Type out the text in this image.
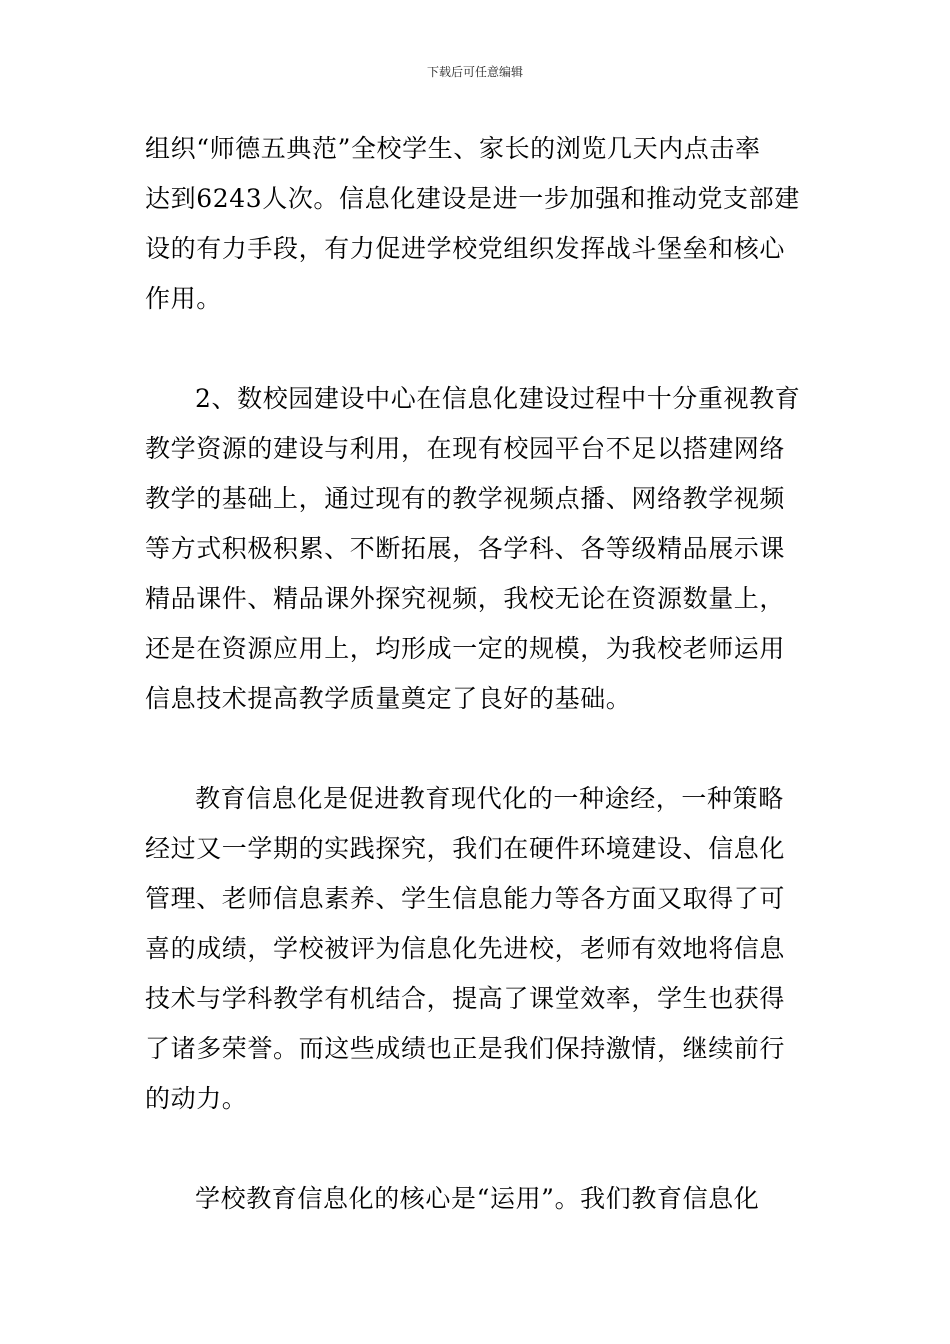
下载后可任意编辑
组织“师德五典范”全校学生、家长的浏览几天内点击率
达到6243人次。信息化建设是进一步加强和推动党支部建
设的有力手段，有力促进学校党组织发挥战斗堡垒和核心
作用。
2、数校园建设中心在信息化建设过程中十分重视教育
教学资源的建设与利用，在现有校园平台不足以搭建网络
教学的基础上，通过现有的教学视频点播、网络教学视频
等方式积极积累、不断拓展，各学科、各等级精品展示课
精品课件、精品课外探究视频，我校无论在资源数量上，
还是在资源应用上，均形成一定的规模，为我校老师运用
信息技术提高教学质量奠定了良好的基础。
教育信息化是促进教育现代化的一种途经，一种策略
经过又一学期的实践探究，我们在硬件环境建设、信息化
管理、老师信息素养、学生信息能力等各方面又取得了可
喜的成绩，学校被评为信息化先进校，老师有效地将信息
技术与学科教学有机结合，提高了课堂效率，学生也获得
了诸多荣誉。而这些成绩也正是我们保持激情，继续前行
的动力。
学校教育信息化的核心是“运用”。我们教育信息化
